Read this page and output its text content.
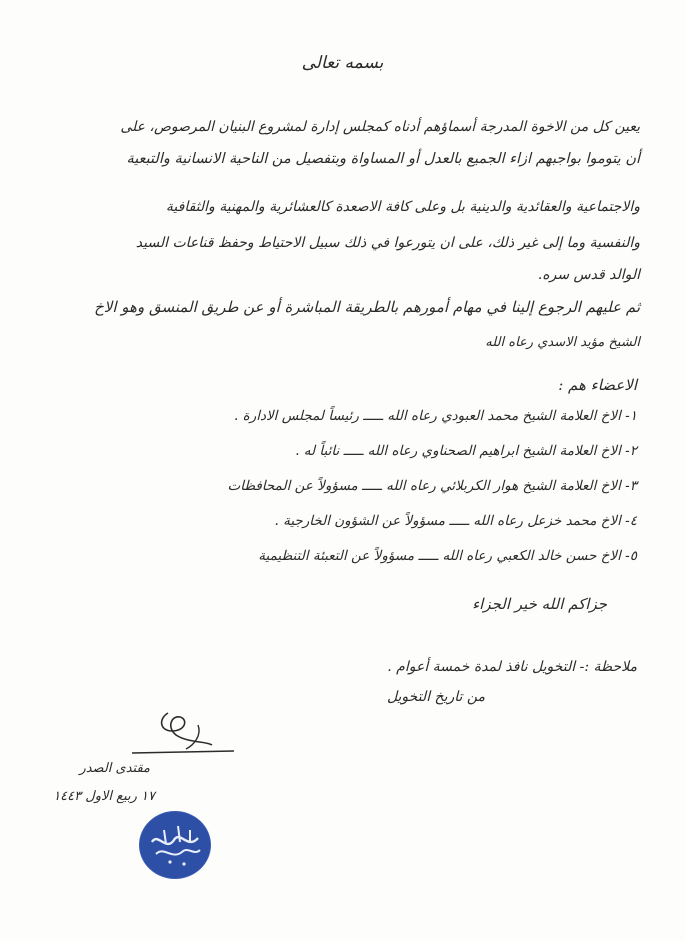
بسمه تعالى
يعين كل من الاخوة المدرجة أسماؤهم أدناه كمجلس إدارة لمشروع البنيان المرصوص، على
أن يتوموا بواجبهم ازاء الجميع بالعدل أو المساواة وبتفصيل من الناحية الانسانية والتبعية
والاجتماعية والعقائدية والدينية بل وعلى كافة الاصعدة كالعشائرية والمهنية والثقافية
والنفسية وما إلى غير ذلك، على ان يتورعوا في ذلك سبيل الاحتياط وحفظ قناعات السيد
الوالد قدس سره.
ثم عليهم الرجوع إلينا في مهام أمورهم بالطريقة المباشرة أو عن طريق المنسق وهو الاخ
الشيخ مؤيد الاسدي رعاه الله
الاعضاء هم :
١- الاخ العلامة الشيخ محمد العبودي رعاه الله ـــــ رئيساً لمجلس الادارة .
٢- الاخ العلامة الشيخ ابراهيم الصحناوي رعاه الله ـــــ نائباً له .
٣- الاخ العلامة الشيخ هوار الكربلائي رعاه الله ـــــ مسؤولاً عن المحافظات
٤- الاخ محمد خزعل رعاه الله ـــــ مسؤولاً عن الشؤون الخارجية .
٥- الاخ حسن خالد الكعبي رعاه الله ـــــ مسؤولاً عن التعبئة التنظيمية
جزاكم الله خير الجزاء
ملاحظة :- التخويل نافذ لمدة خمسة أعوام .
من تاريخ التخويل
مقتدى الصدر
١٧ ربيع الاول ١٤٤٣
